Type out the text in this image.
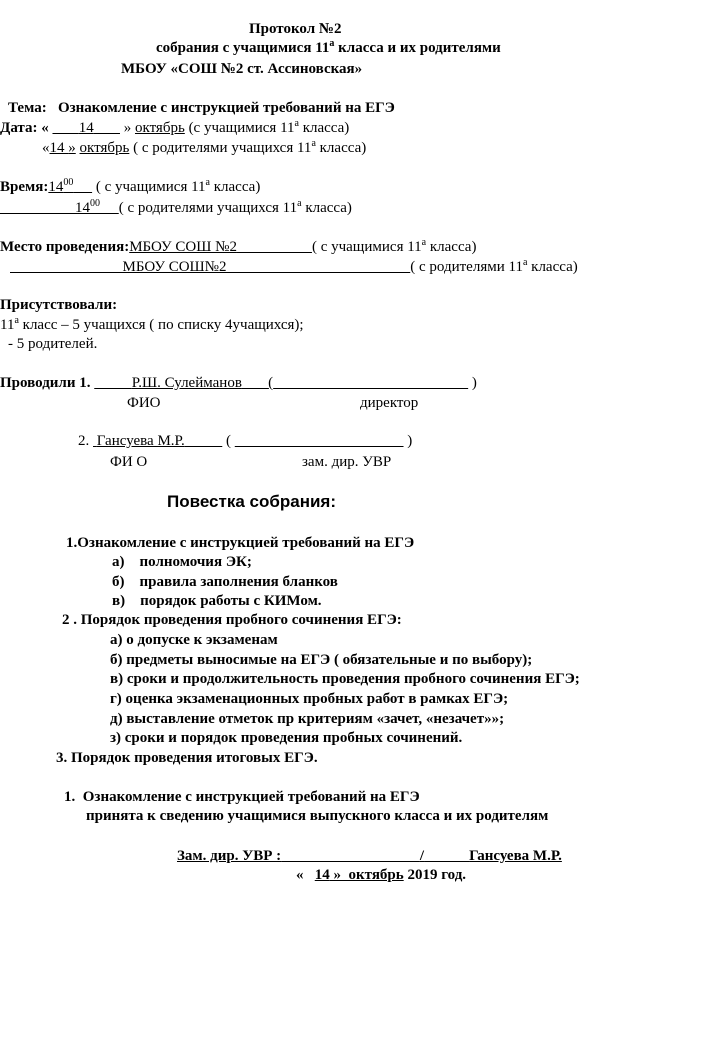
Протокол №2
собрания с учащимися $11^а$ класса и их родителями
МБОУ «СОШ №2 ст. Ассиновская»
Тема: Ознакомление с инструкцией требований на ЕГЭ
Дата: « 14 » октябрь (с учащимися $11^а$ класса)
«14 » октябрь ( с родителями учащихся $11^а$ класса)
$Время:14^{00}$ ( с учащимися $11^а$ класса)
$14^{00}$ ( с родителями учащихся $11^а$ класса)
Место проведения:МБОУ СОШ №2	( с учащимися $11^а$ класса)
МБОУ СОШ№2	( с родителями $11^а$ класса)
Присутствовали:
$11^а$ класс – 5 учащихся ( по списку 4учащихся);
- 5 родителей.
Проводили 1.	Р.Ш. Сулейманов (	)
ФИО	директор
2. Гансуева М.Р.	(	)
ФИ О	зам. дир. УВР
Повестка собрания:
1.Ознакомление с инструкцией требований на ЕГЭ
а) полномочия ЭК;
б) правила заполнения бланков
в) порядок работы с КИМом.
2 . Порядок проведения пробного сочинения ЕГЭ:
а) о допуске к экзаменам
б) предметы выносимые на ЕГЭ ( обязательные и по выбору);
в) сроки и продолжительность проведения пробного сочинения ЕГЭ;
г) оценка экзаменационных пробных работ в рамках ЕГЭ;
д) выставление отметок пр критериям «зачет, «незачет»»;
з) сроки и порядок проведения пробных сочинений.
3. Порядок проведения итоговых ЕГЭ.
1. Ознакомление с инструкцией требований на ЕГЭ
принята к сведению учащимися выпускного класса и их родителям
Зам. дир. УВР :	/	Гансуева М.Р.
« 14 » октябрь 2019 год.
